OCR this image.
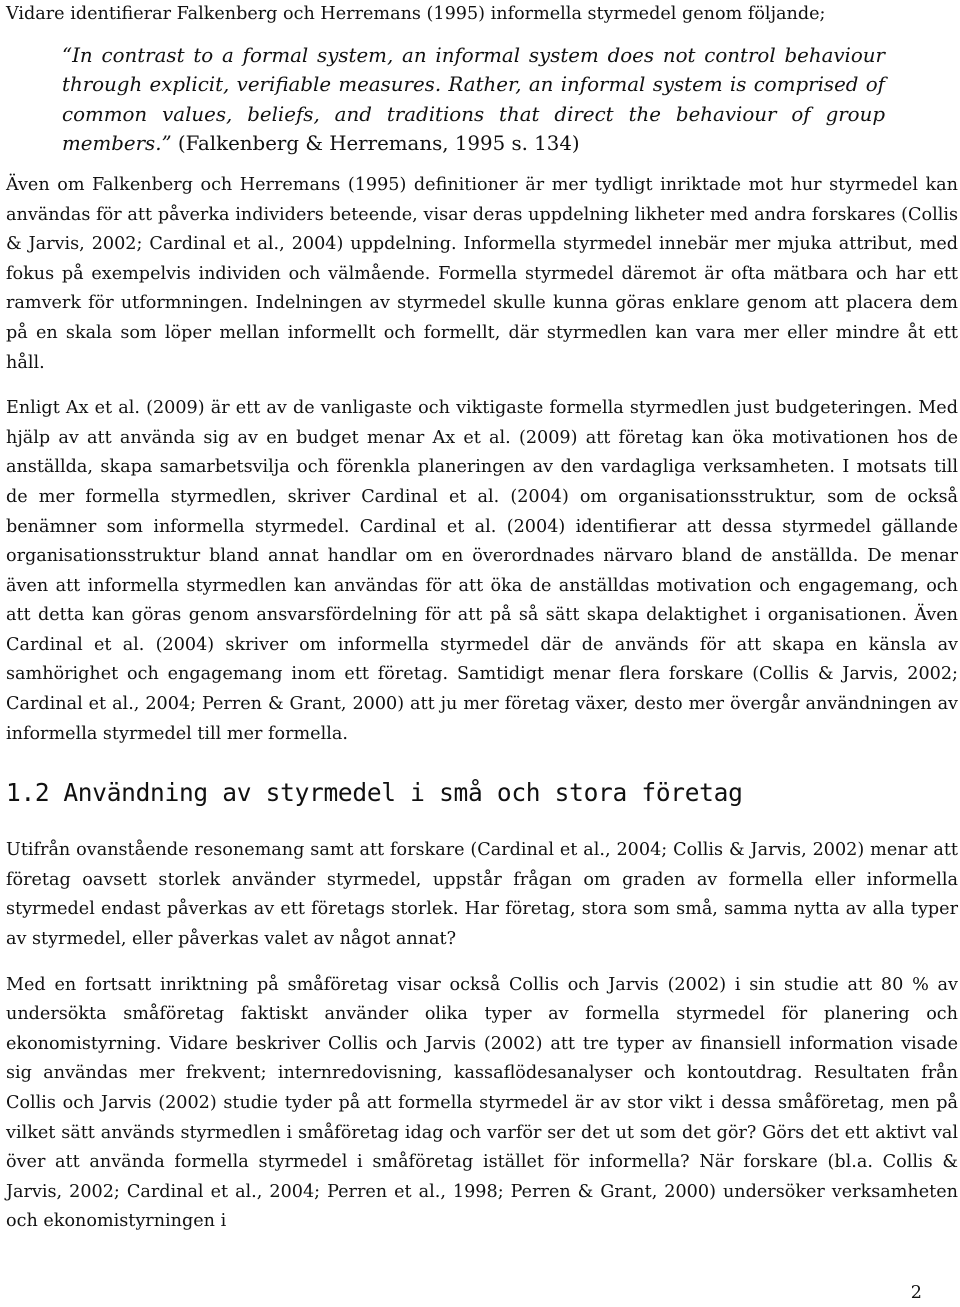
Vidare identifierar Falkenberg och Herremans (1995) informella styrmedel genom följande;

“In contrast to a formal system, an informal system does not control behaviour through explicit, verifiable measures. Rather, an informal system is comprised of common values, beliefs, and traditions that direct the behaviour of group members.” (Falkenberg & Herremans, 1995 s. 134)

Även om Falkenberg och Herremans (1995) definitioner är mer tydligt inriktade mot hur styrmedel kan användas för att påverka individers beteende, visar deras uppdelning likheter med andra forskares (Collis & Jarvis, 2002; Cardinal et al., 2004) uppdelning. Informella styrmedel innebär mer mjuka attribut, med fokus på exempelvis individen och välmående. Formella styrmedel däremot är ofta mätbara och har ett ramverk för utformningen. Indelningen av styrmedel skulle kunna göras enklare genom att placera dem på en skala som löper mellan informellt och formellt, där styrmedlen kan vara mer eller mindre åt ett håll.

Enligt Ax et al. (2009) är ett av de vanligaste och viktigaste formella styrmedlen just budgeteringen. Med hjälp av att använda sig av en budget menar Ax et al. (2009) att företag kan öka motivationen hos de anställda, skapa samarbetsvilja och förenkla planeringen av den vardagliga verksamheten. I motsats till de mer formella styrmedlen, skriver Cardinal et al. (2004) om organisationsstruktur, som de också benämner som informella styrmedel. Cardinal et al. (2004) identifierar att dessa styrmedel gällande organisationsstruktur bland annat handlar om en överordnades närvaro bland de anställda. De menar även att informella styrmedlen kan användas för att öka de anställdas motivation och engagemang, och att detta kan göras genom ansvarsfördelning för att på så sätt skapa delaktighet i organisationen. Även Cardinal et al. (2004) skriver om informella styrmedel där de används för att skapa en känsla av samhörighet och engagemang inom ett företag. Samtidigt menar flera forskare (Collis & Jarvis, 2002; Cardinal et al., 2004; Perren & Grant, 2000) att ju mer företag växer, desto mer övergår användningen av informella styrmedel till mer formella.

1.2 Användning av styrmedel i små och stora företag

Utifrån ovanstående resonemang samt att forskare (Cardinal et al., 2004; Collis & Jarvis, 2002) menar att företag oavsett storlek använder styrmedel, uppstår frågan om graden av formella eller informella styrmedel endast påverkas av ett företags storlek. Har företag, stora som små, samma nytta av alla typer av styrmedel, eller påverkas valet av något annat?

Med en fortsatt inriktning på småföretag visar också Collis och Jarvis (2002) i sin studie att 80 % av undersökta småföretag faktiskt använder olika typer av formella styrmedel för planering och ekonomistyrning. Vidare beskriver Collis och Jarvis (2002) att tre typer av finansiell information visade sig användas mer frekvent; internredovisning, kassaflödesanalyser och kontoutdrag. Resultaten från Collis och Jarvis (2002) studie tyder på att formella styrmedel är av stor vikt i dessa småföretag, men på vilket sätt används styrmedlen i småföretag idag och varför ser det ut som det gör? Görs det ett aktivt val över att använda formella styrmedel i småföretag istället för informella? När forskare (bl.a. Collis & Jarvis, 2002; Cardinal et al., 2004; Perren et al., 1998; Perren & Grant, 2000) undersöker verksamheten och ekonomistyrningen i

2
